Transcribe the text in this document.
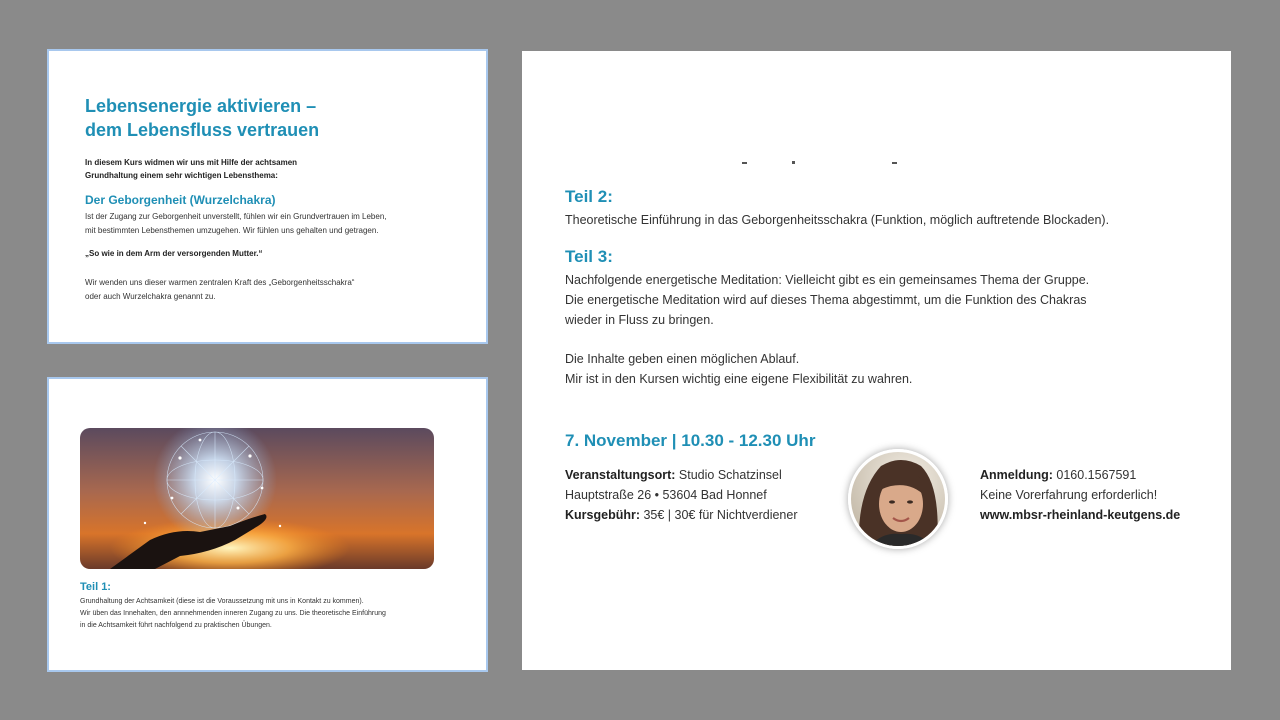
Lebensenergie aktivieren –
dem Lebensfluss vertrauen
In diesem Kurs widmen wir uns mit Hilfe der achtsamen
Grundhaltung einem sehr wichtigen Lebensthema:
Der Geborgenheit (Wurzelchakra)
Ist der Zugang zur Geborgenheit unverstellt, fühlen wir ein Grundvertrauen im Leben,
mit bestimmten Lebensthemen umzugehen. Wir fühlen uns gehalten und getragen.
„So wie in dem Arm der versorgenden Mutter.“
Wir wenden uns dieser warmen zentralen Kraft des „Geborgenheitsschakra“
oder auch Wurzelchakra genannt zu.
Teil 1:
Grundhaltung der Achtsamkeit (diese ist die Voraussetzung mit uns in Kontakt zu kommen).
Wir üben das Innehalten, den annnehmenden inneren Zugang zu uns. Die theoretische Einführung
in die Achtsamkeit führt nachfolgend zu praktischen Übungen.
Teil 2:
Theoretische Einführung in das Geborgenheitsschakra (Funktion, möglich auftretende Blockaden).
Teil 3:
Nachfolgende energetische Meditation: Vielleicht gibt es ein gemeinsames Thema der Gruppe.
Die energetische Meditation wird auf dieses Thema abgestimmt, um die Funktion des Chakras
wieder in Fluss zu bringen.
Die Inhalte geben einen möglichen Ablauf.
Mir ist in den Kursen wichtig eine eigene Flexibilität zu wahren.
7. November | 10.30 - 12.30 Uhr
Veranstaltungsort: Studio Schatzinsel
Hauptstraße 26 • 53604 Bad Honnef
Kursgebühr: 35€ | 30€ für Nichtverdiener
Anmeldung: 0160.1567591
Keine Vorerfahrung erforderlich!
www.mbsr-rheinland-keutgens.de
